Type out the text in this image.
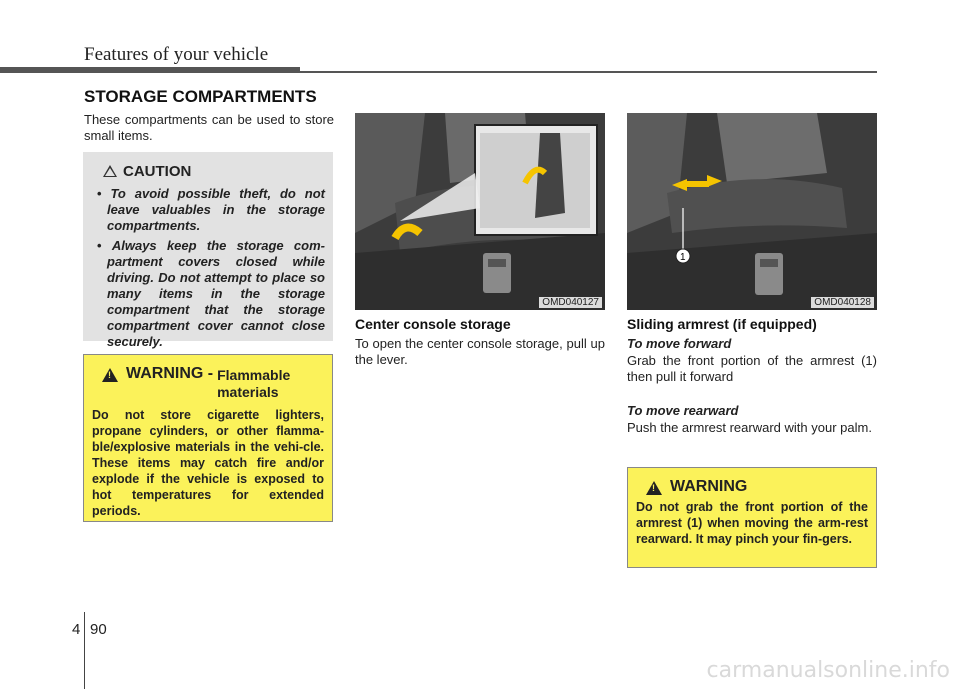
Features of your vehicle
STORAGE COMPARTMENTS
These compartments can be used to store small items.
CAUTION
• To avoid possible theft, do not leave valuables in the storage compartments.
• Always keep the storage com-partment covers closed while driving. Do not attempt to place so many items in the storage compartment that the storage compartment cover cannot close securely.
!
WARNING - Flammable materials
Do not store cigarette lighters, propane cylinders, or other flamma-ble/explosive materials in the vehi-cle. These items may catch fire and/or explode if the vehicle is exposed to hot temperatures for extended periods.
OMD040127
Center console storage
To open the center console storage, pull up the lever.
1
OMD040128
Sliding armrest (if equipped)
To move forward
Grab the front portion of the armrest (1) then pull it forward
To move rearward
Push the armrest rearward with your palm.
!
WARNING
Do not grab the front portion of the armrest (1) when moving the arm-rest rearward. It may pinch your fin-gers.
4 90
carmanualsonline.info
